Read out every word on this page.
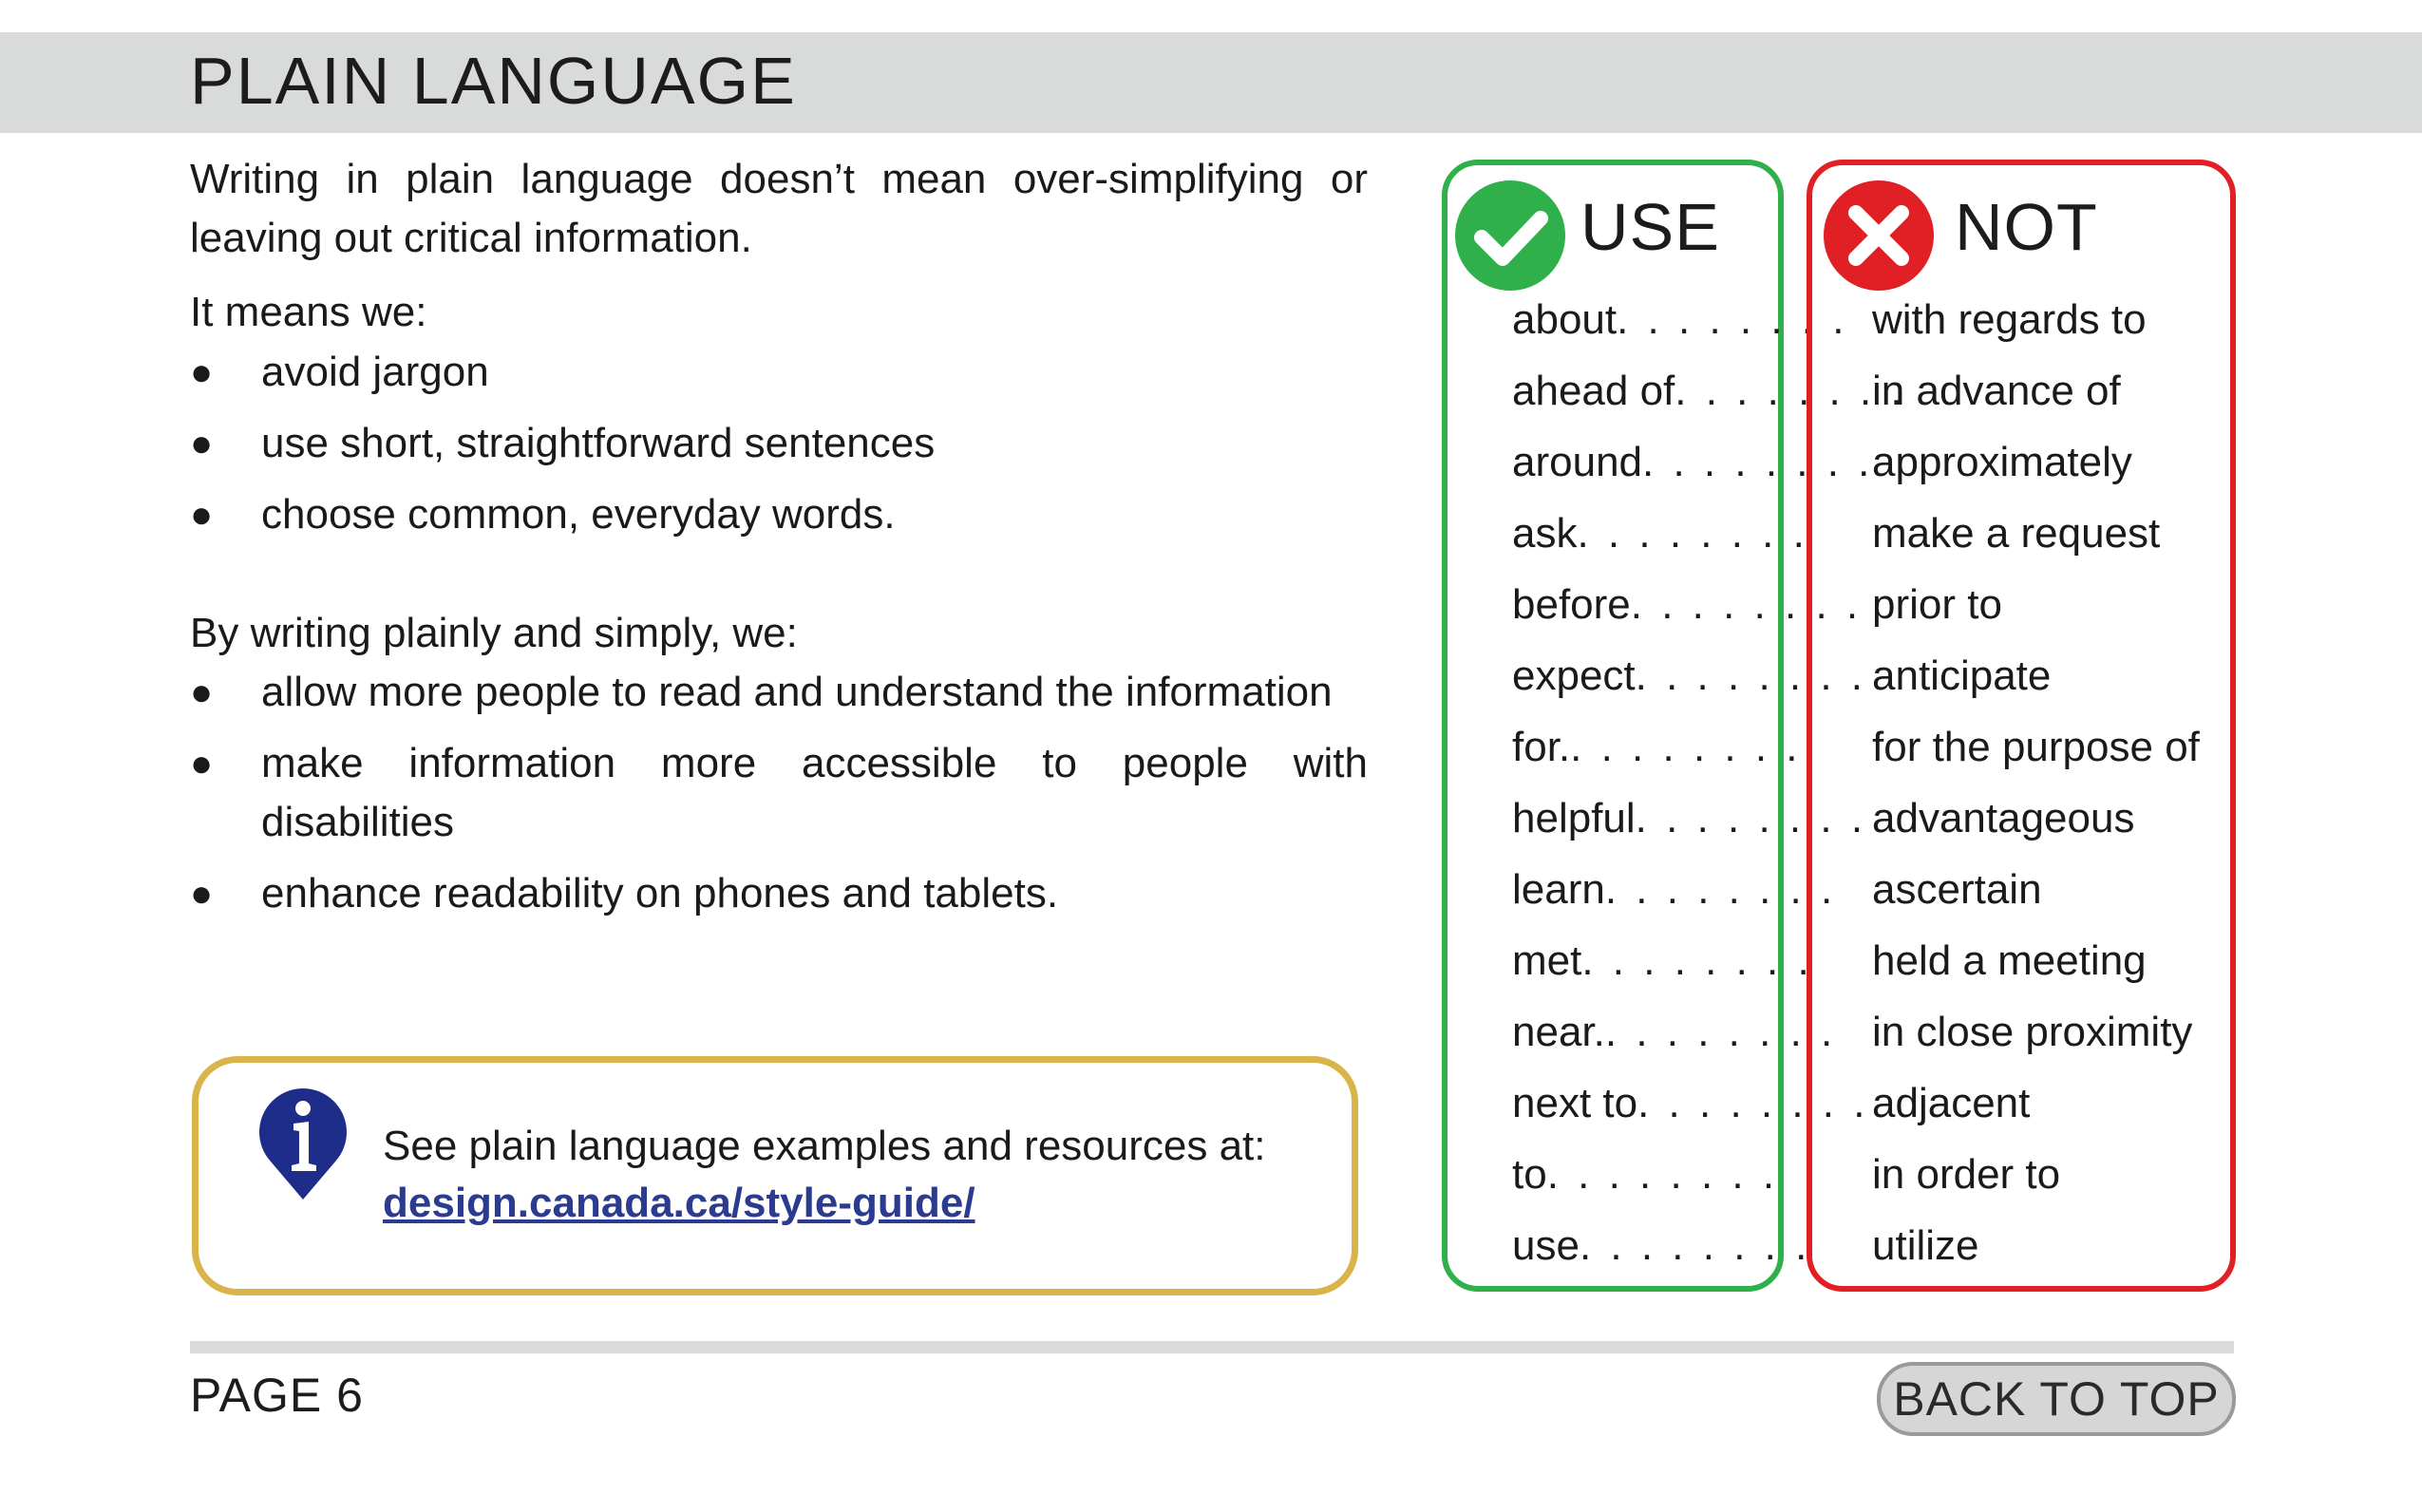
PLAIN LANGUAGE
Writing in plain language doesn’t mean over-simplifying or leaving out critical information.
It means we:

● avoid jargon

● use short, straightforward sentences

● choose common, everyday words.

By writing plainly and simply, we:

● allow more people to read and understand the information

● make information more accessible to people with disabilities

● enhance readability on phones and tablets.

See plain language examples and resources at:
design.canada.ca/style-guide/
USE
about . . . . . . . .
ahead of . . . . . . . .
around . . . . . . . .
ask . . . . . . . .
before . . . . . . . .
expect . . . . . . . .
for. . . . . . . . .
helpful . . . . . . . .
learn . . . . . . . .
met . . . . . . . .
near. . . . . . . . .
next to . . . . . . . .
to . . . . . . . .
use . . . . . . . .
NOT
with regards to
in advance of
approximately
make a request
prior to
anticipate
for the purpose of
advantageous
ascertain
held a meeting
in close proximity
adjacent
in order to
utilize
PAGE 6	BACK TO TOP
